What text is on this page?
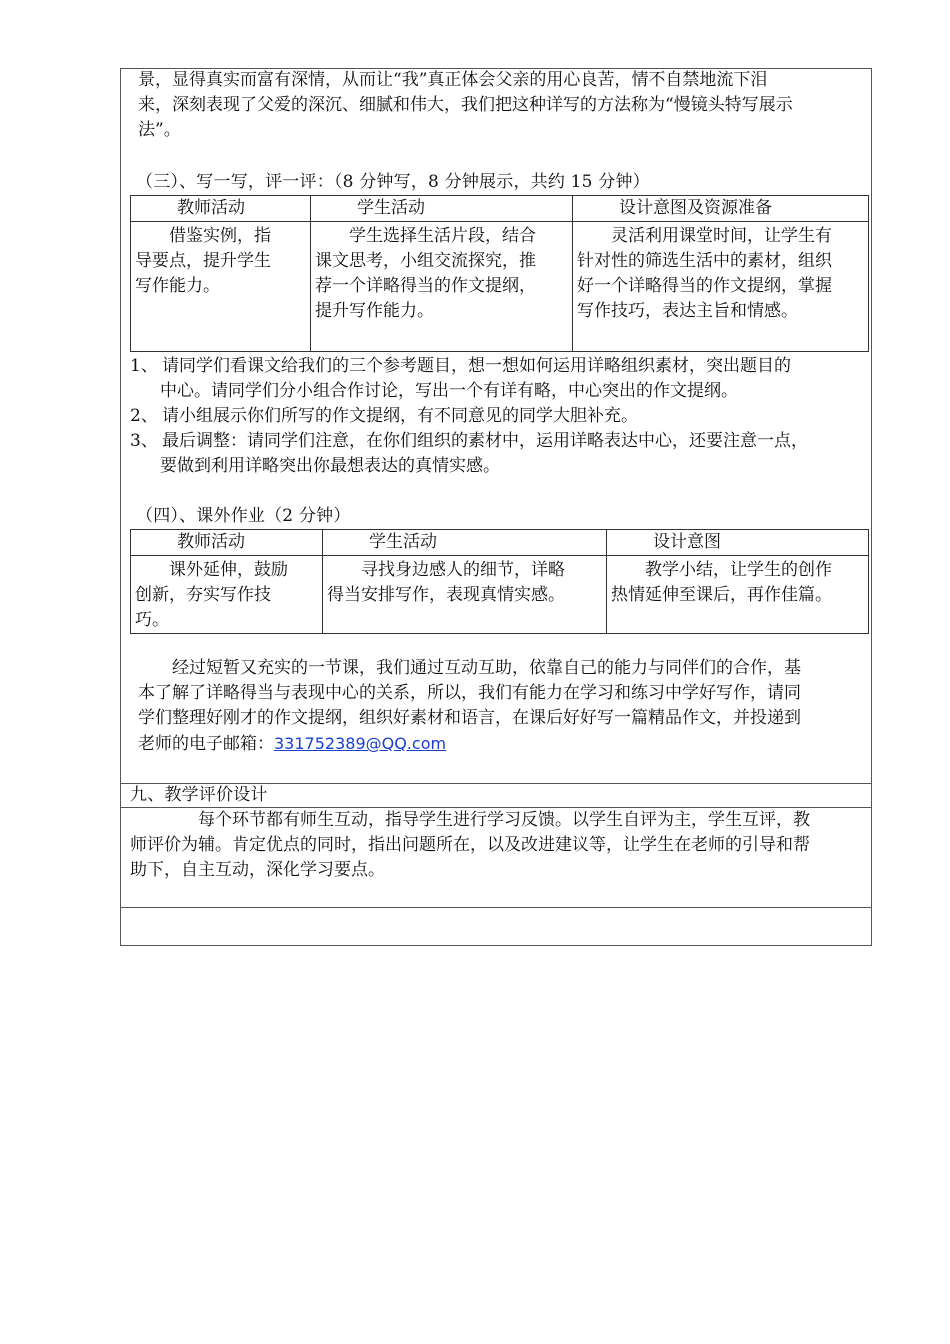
景，显得真实而富有深情，从而让“我”真正体会父亲的用心良苦，情不自禁地流下泪
来，深刻表现了父爱的深沉、细腻和伟大，我们把这种详写的方法称为“慢镜头特写展示
法”。
（三）、写一写，评一评：（8 分钟写，8 分钟展示，共约 15 分钟）
教师活动	学生活动	设计意图及资源准备

借鉴实例，指
导要点，提升学生
写作能力。	学生选择生活片段，结合
课文思考，小组交流探究，推
荐一个详略得当的作文提纲，
提升写作能力。	灵活利用课堂时间，让学生有
针对性的筛选生活中的素材，组织
好一个详略得当的作文提纲，掌握
写作技巧，表达主旨和情感。
1、 请同学们看课文给我们的三个参考题目，想一想如何运用详略组织素材，突出题目的
中心。请同学们分小组合作讨论，写出一个有详有略，中心突出的作文提纲。
2、 请小组展示你们所写的作文提纲，有不同意见的同学大胆补充。
3、 最后调整：请同学们注意，在你们组织的素材中，运用详略表达中心，还要注意一点，
要做到利用详略突出你最想表达的真情实感。
（四）、课外作业（2 分钟）
教师活动	学生活动	设计意图

课外延伸，鼓励
创新，夯实写作技
巧。	寻找身边感人的细节，详略
得当安排写作，表现真情实感。	教学小结，让学生的创作
热情延伸至课后，再作佳篇。
经过短暂又充实的一节课，我们通过互动互助，依靠自己的能力与同伴们的合作，基
本了解了详略得当与表现中心的关系，所以，我们有能力在学习和练习中学好写作，请同
学们整理好刚才的作文提纲，组织好素材和语言，在课后好好写一篇精品作文，并投递到
老师的电子邮箱：331752389@QQ.com
九、教学评价设计
每个环节都有师生互动，指导学生进行学习反馈。以学生自评为主，学生互评，教
师评价为辅。肯定优点的同时，指出问题所在，以及改进建议等，让学生在老师的引导和帮
助下，自主互动，深化学习要点。
